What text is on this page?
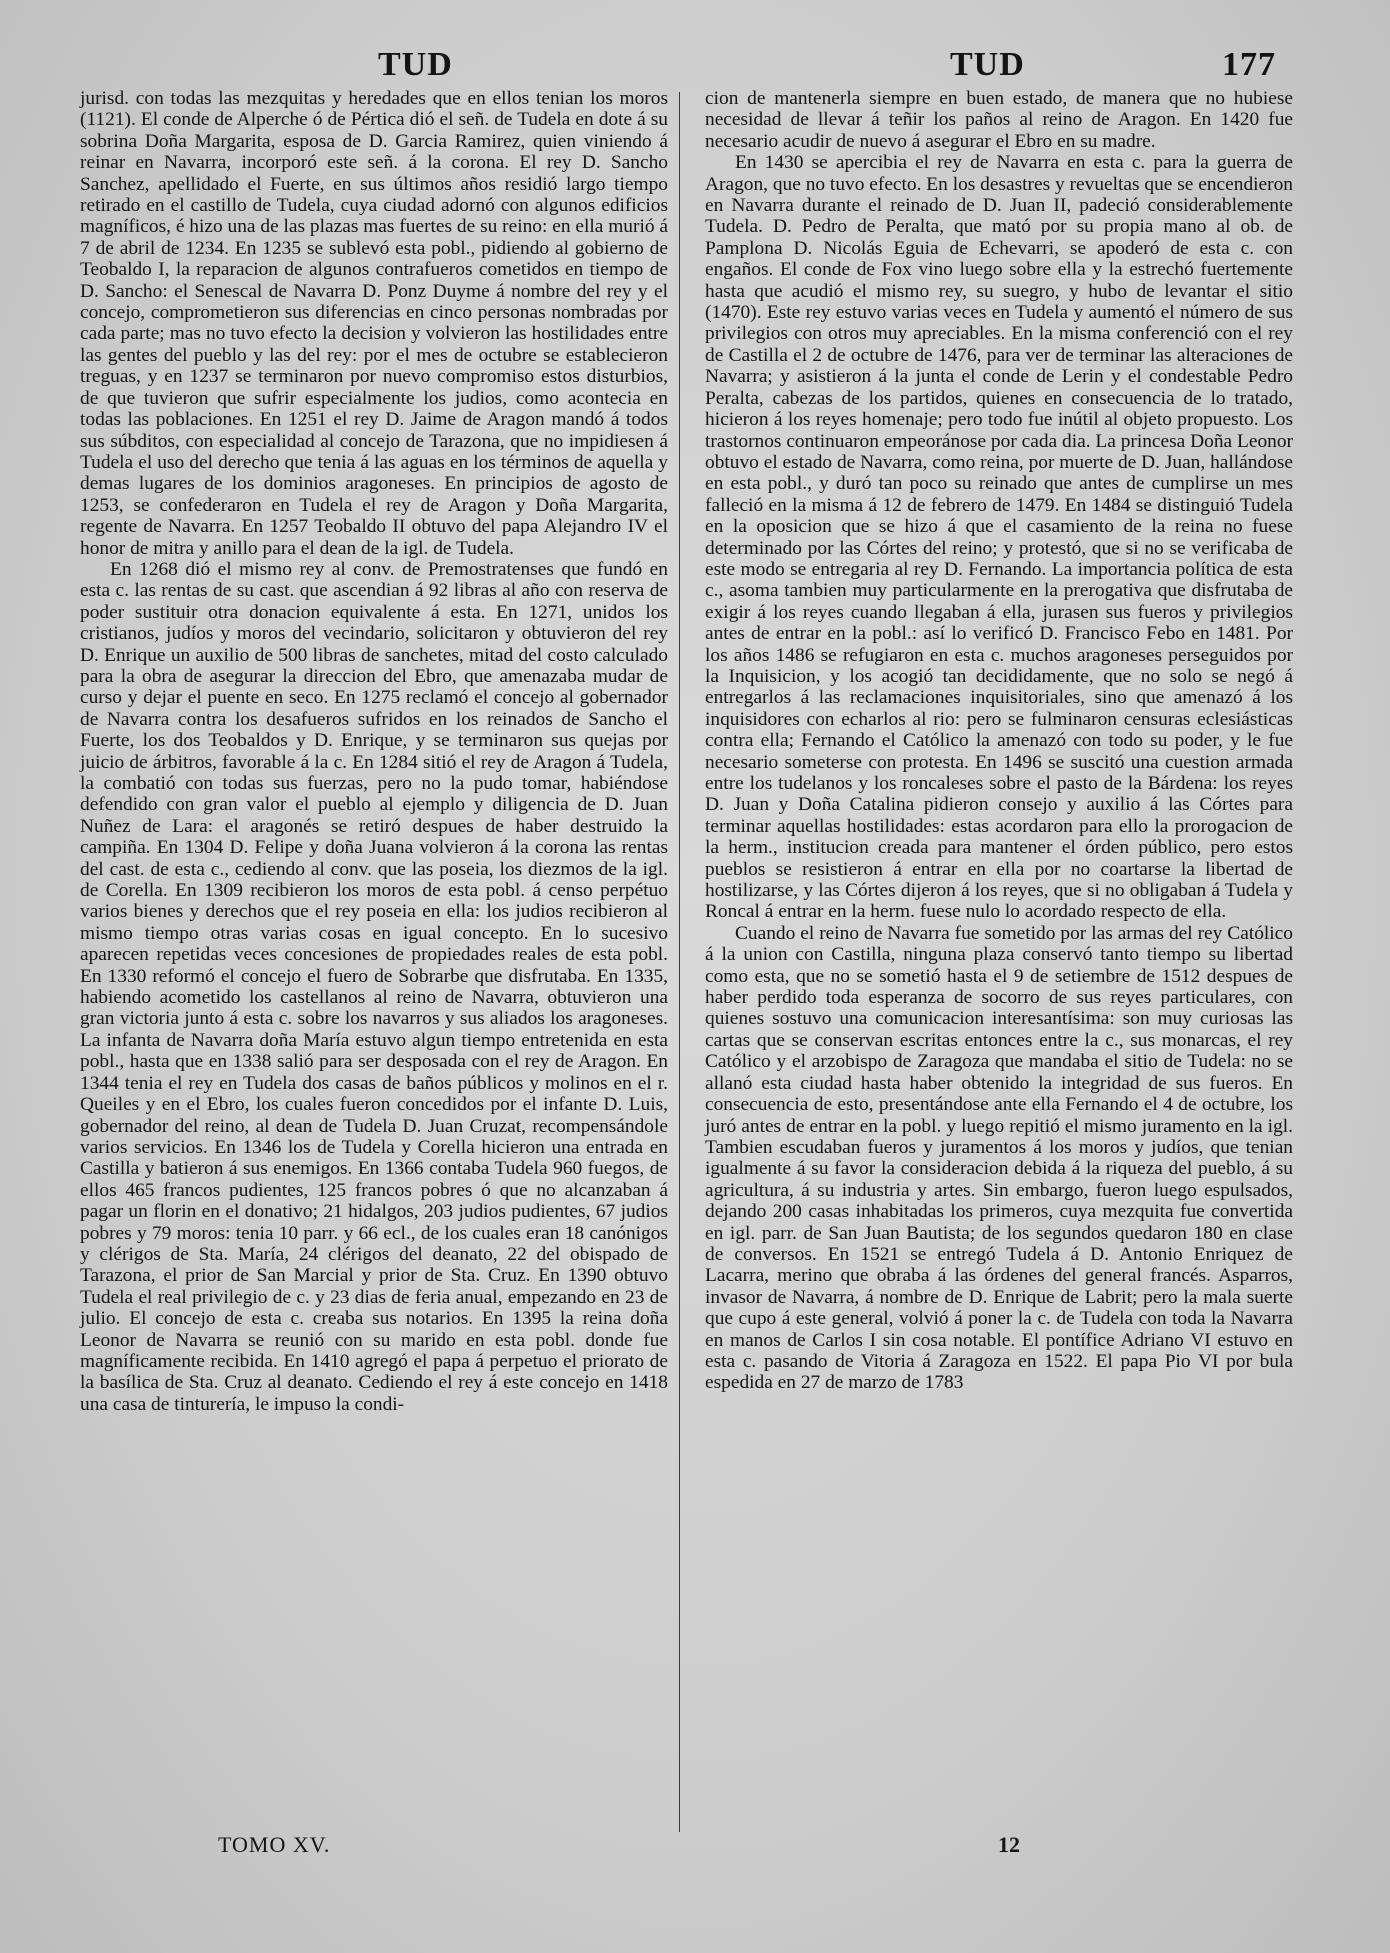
TUD	TUD	177

jurisd. con todas las mezquitas y heredades que en ellos tenian los moros (1121). El conde de Alperche ó de Pértica dió el señ. de Tudela en dote á su sobrina Doña Margarita, esposa de D. Garcia Ramirez, quien viniendo á reinar en Navarra, incorporó este señ. á la corona. El rey D. Sancho Sanchez, apellidado el Fuerte, en sus últimos años residió largo tiempo retirado en el castillo de Tudela, cuya ciudad adornó con algunos edificios magníficos, é hizo una de las plazas mas fuertes de su reino: en ella murió á 7 de abril de 1234. En 1235 se sublevó esta pobl., pidiendo al gobierno de Teobaldo I, la reparacion de algunos contrafueros cometidos en tiempo de D. Sancho: el Senescal de Navarra D. Ponz Duyme á nombre del rey y el concejo, comprometieron sus diferencias en cinco personas nombradas por cada parte; mas no tuvo efecto la decision y volvieron las hostilidades entre las gentes del pueblo y las del rey: por el mes de octubre se establecieron treguas, y en 1237 se terminaron por nuevo compromiso estos disturbios, de que tuvieron que sufrir especialmente los judios, como acontecia en todas las poblaciones. En 1251 el rey D. Jaime de Aragon mandó á todos sus súbditos, con especialidad al concejo de Tarazona, que no impidiesen á Tudela el uso del derecho que tenia á las aguas en los términos de aquella y demas lugares de los dominios aragoneses. En principios de agosto de 1253, se confederaron en Tudela el rey de Aragon y Doña Margarita, regente de Navarra. En 1257 Teobaldo II obtuvo del papa Alejandro IV el honor de mitra y anillo para el dean de la igl. de Tudela.

En 1268 dió el mismo rey al conv. de Premostratenses que fundó en esta c. las rentas de su cast. que ascendian á 92 libras al año con reserva de poder sustituir otra donacion equivalente á esta. En 1271, unidos los cristianos, judíos y moros del vecindario, solicitaron y obtuvieron del rey D. Enrique un auxilio de 500 libras de sanchetes, mitad del costo calculado para la obra de asegurar la direccion del Ebro, que amenazaba mudar de curso y dejar el puente en seco. En 1275 reclamó el concejo al gobernador de Navarra contra los desafueros sufridos en los reinados de Sancho el Fuerte, los dos Teobaldos y D. Enrique, y se terminaron sus quejas por juicio de árbitros, favorable á la c. En 1284 sitió el rey de Aragon á Tudela, la combatió con todas sus fuerzas, pero no la pudo tomar, habiéndose defendido con gran valor el pueblo al ejemplo y diligencia de D. Juan Nuñez de Lara: el aragonés se retiró despues de haber destruido la campiña. En 1304 D. Felipe y doña Juana volvieron á la corona las rentas del cast. de esta c., cediendo al conv. que las poseia, los diezmos de la igl. de Corella. En 1309 recibieron los moros de esta pobl. á censo perpétuo varios bienes y derechos que el rey poseia en ella: los judios recibieron al mismo tiempo otras varias cosas en igual concepto. En lo sucesivo aparecen repetidas veces concesiones de propiedades reales de esta pobl. En 1330 reformó el concejo el fuero de Sobrarbe que disfrutaba. En 1335, habiendo acometido los castellanos al reino de Navarra, obtuvieron una gran victoria junto á esta c. sobre los navarros y sus aliados los aragoneses. La infanta de Navarra doña María estuvo algun tiempo entretenida en esta pobl., hasta que en 1338 salió para ser desposada con el rey de Aragon. En 1344 tenia el rey en Tudela dos casas de baños públicos y molinos en el r. Queiles y en el Ebro, los cuales fueron concedidos por el infante D. Luis, gobernador del reino, al dean de Tudela D. Juan Cruzat, recompensándole varios servicios. En 1346 los de Tudela y Corella hicieron una entrada en Castilla y batieron á sus enemigos. En 1366 contaba Tudela 960 fuegos, de ellos 465 francos pudientes, 125 francos pobres ó que no alcanzaban á pagar un florin en el donativo; 21 hidalgos, 203 judios pudientes, 67 judios pobres y 79 moros: tenia 10 parr. y 66 ecl., de los cuales eran 18 canónigos y clérigos de Sta. María, 24 clérigos del deanato, 22 del obispado de Tarazona, el prior de San Marcial y prior de Sta. Cruz. En 1390 obtuvo Tudela el real privilegio de c. y 23 dias de feria anual, empezando en 23 de julio. El concejo de esta c. creaba sus notarios. En 1395 la reina doña Leonor de Navarra se reunió con su marido en esta pobl. donde fue magníficamente recibida. En 1410 agregó el papa á perpetuo el priorato de la basílica de Sta. Cruz al deanato. Cediendo el rey á este concejo en 1418 una casa de tinturería, le impuso la condi-

cion de mantenerla siempre en buen estado, de manera que no hubiese necesidad de llevar á teñir los paños al reino de Aragon. En 1420 fue necesario acudir de nuevo á asegurar el Ebro en su madre.

En 1430 se apercibia el rey de Navarra en esta c. para la guerra de Aragon, que no tuvo efecto. En los desastres y revueltas que se encendieron en Navarra durante el reinado de D. Juan II, padeció considerablemente Tudela. D. Pedro de Peralta, que mató por su propia mano al ob. de Pamplona D. Nicolás Eguia de Echevarri, se apoderó de esta c. con engaños. El conde de Fox vino luego sobre ella y la estrechó fuertemente hasta que acudió el mismo rey, su suegro, y hubo de levantar el sitio (1470). Este rey estuvo varias veces en Tudela y aumentó el número de sus privilegios con otros muy apreciables. En la misma conferenció con el rey de Castilla el 2 de octubre de 1476, para ver de terminar las alteraciones de Navarra; y asistieron á la junta el conde de Lerin y el condestable Pedro Peralta, cabezas de los partidos, quienes en consecuencia de lo tratado, hicieron á los reyes homenaje; pero todo fue inútil al objeto propuesto. Los trastornos continuaron empeoránose por cada dia. La princesa Doña Leonor obtuvo el estado de Navarra, como reina, por muerte de D. Juan, hallándose en esta pobl., y duró tan poco su reinado que antes de cumplirse un mes falleció en la misma á 12 de febrero de 1479. En 1484 se distinguió Tudela en la oposicion que se hizo á que el casamiento de la reina no fuese determinado por las Córtes del reino; y protestó, que si no se verificaba de este modo se entregaria al rey D. Fernando. La importancia política de esta c., asoma tambien muy particularmente en la prerogativa que disfrutaba de exigir á los reyes cuando llegaban á ella, jurasen sus fueros y privilegios antes de entrar en la pobl.: así lo verificó D. Francisco Febo en 1481. Por los años 1486 se refugiaron en esta c. muchos aragoneses perseguidos por la Inquisicion, y los acogió tan decididamente, que no solo se negó á entregarlos á las reclamaciones inquisitoriales, sino que amenazó á los inquisidores con echarlos al rio: pero se fulminaron censuras eclesiásticas contra ella; Fernando el Católico la amenazó con todo su poder, y le fue necesario someterse con protesta. En 1496 se suscitó una cuestion armada entre los tudelanos y los roncaleses sobre el pasto de la Bárdena: los reyes D. Juan y Doña Catalina pidieron consejo y auxilio á las Córtes para terminar aquellas hostilidades: estas acordaron para ello la prorogacion de la herm., institucion creada para mantener el órden público, pero estos pueblos se resistieron á entrar en ella por no coartarse la libertad de hostilizarse, y las Córtes dijeron á los reyes, que si no obligaban á Tudela y Roncal á entrar en la herm. fuese nulo lo acordado respecto de ella.

Cuando el reino de Navarra fue sometido por las armas del rey Católico á la union con Castilla, ninguna plaza conservó tanto tiempo su libertad como esta, que no se sometió hasta el 9 de setiembre de 1512 despues de haber perdido toda esperanza de socorro de sus reyes particulares, con quienes sostuvo una comunicacion interesantísima: son muy curiosas las cartas que se conservan escritas entonces entre la c., sus monarcas, el rey Católico y el arzobispo de Zaragoza que mandaba el sitio de Tudela: no se allanó esta ciudad hasta haber obtenido la integridad de sus fueros. En consecuencia de esto, presentándose ante ella Fernando el 4 de octubre, los juró antes de entrar en la pobl. y luego repitió el mismo juramento en la igl. Tambien escudaban fueros y juramentos á los moros y judíos, que tenian igualmente á su favor la consideracion debida á la riqueza del pueblo, á su agricultura, á su industria y artes. Sin embargo, fueron luego espulsados, dejando 200 casas inhabitadas los primeros, cuya mezquita fue convertida en igl. parr. de San Juan Bautista; de los segundos quedaron 180 en clase de conversos. En 1521 se entregó Tudela á D. Antonio Enriquez de Lacarra, merino que obraba á las órdenes del general francés. Asparros, invasor de Navarra, á nombre de D. Enrique de Labrit; pero la mala suerte que cupo á este general, volvió á poner la c. de Tudela con toda la Navarra en manos de Carlos I sin cosa notable. El pontífice Adriano VI estuvo en esta c. pasando de Vitoria á Zaragoza en 1522. El papa Pio VI por bula espedida en 27 de marzo de 1783

TOMO XV.	12
